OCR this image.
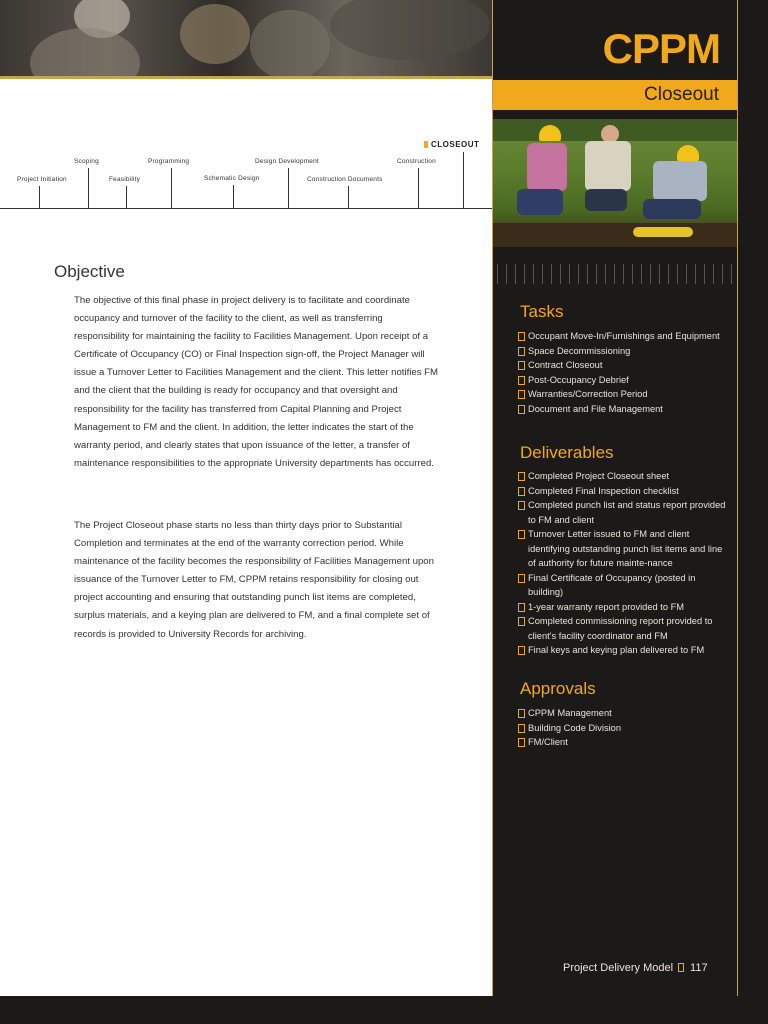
CPPM
Closeout
Tasks
Occupant Move-In/Furnishings and Equipment
Space Decommissioning
Contract Closeout
Post-Occupancy Debrief
Warranties/Correction Period
Document and File Management
Deliverables
Completed Project Closeout sheet
Completed Final Inspection checklist
Completed punch list and status report provided to FM and client
Turnover Letter issued to FM and client identifying outstanding punch list items and line of authority for future mainte-nance
Final Certificate of Occupancy (posted in building)
1-year warranty report provided to FM
Completed commissioning report provided to client's facility coordinator and FM
Final keys and keying plan delivered to FM
Approvals
CPPM Management
Building Code Division
FM/Client
Project Delivery Model 117
CLOSEOUT
Scoping	Programming	Design Development	Construction
Project Initiation	Feasibility	Schematic Design	Construction Documents
Objective

The objective of this final phase in project delivery is to facilitate and coordinate occupancy and turnover of the facility to the client, as well as transferring responsibility for maintaining the facility to Facilities Management. Upon receipt of a Certificate of Occupancy (CO) or Final Inspection sign-off, the Project Manager will issue a Turnover Letter to Facilities Management and the client. This letter notifies FM and the client that the building is ready for occupancy and that oversight and responsibility for the facility has transferred from Capital Planning and Project Management to FM and the client. In addition, the letter indicates the start of the warranty period, and clearly states that upon issuance of the letter, a transfer of maintenance responsibilities to the appropriate University departments has occurred.

The Project Closeout phase starts no less than thirty days prior to Substantial Completion and terminates at the end of the warranty correction period. While maintenance of the facility becomes the responsibility of Facilities Management upon issuance of the Turnover Letter to FM, CPPM retains responsibility for closing out project accounting and ensuring that outstanding punch list items are completed, surplus materials, and a keying plan are delivered to FM, and a final complete set of records is provided to University Records for archiving.
